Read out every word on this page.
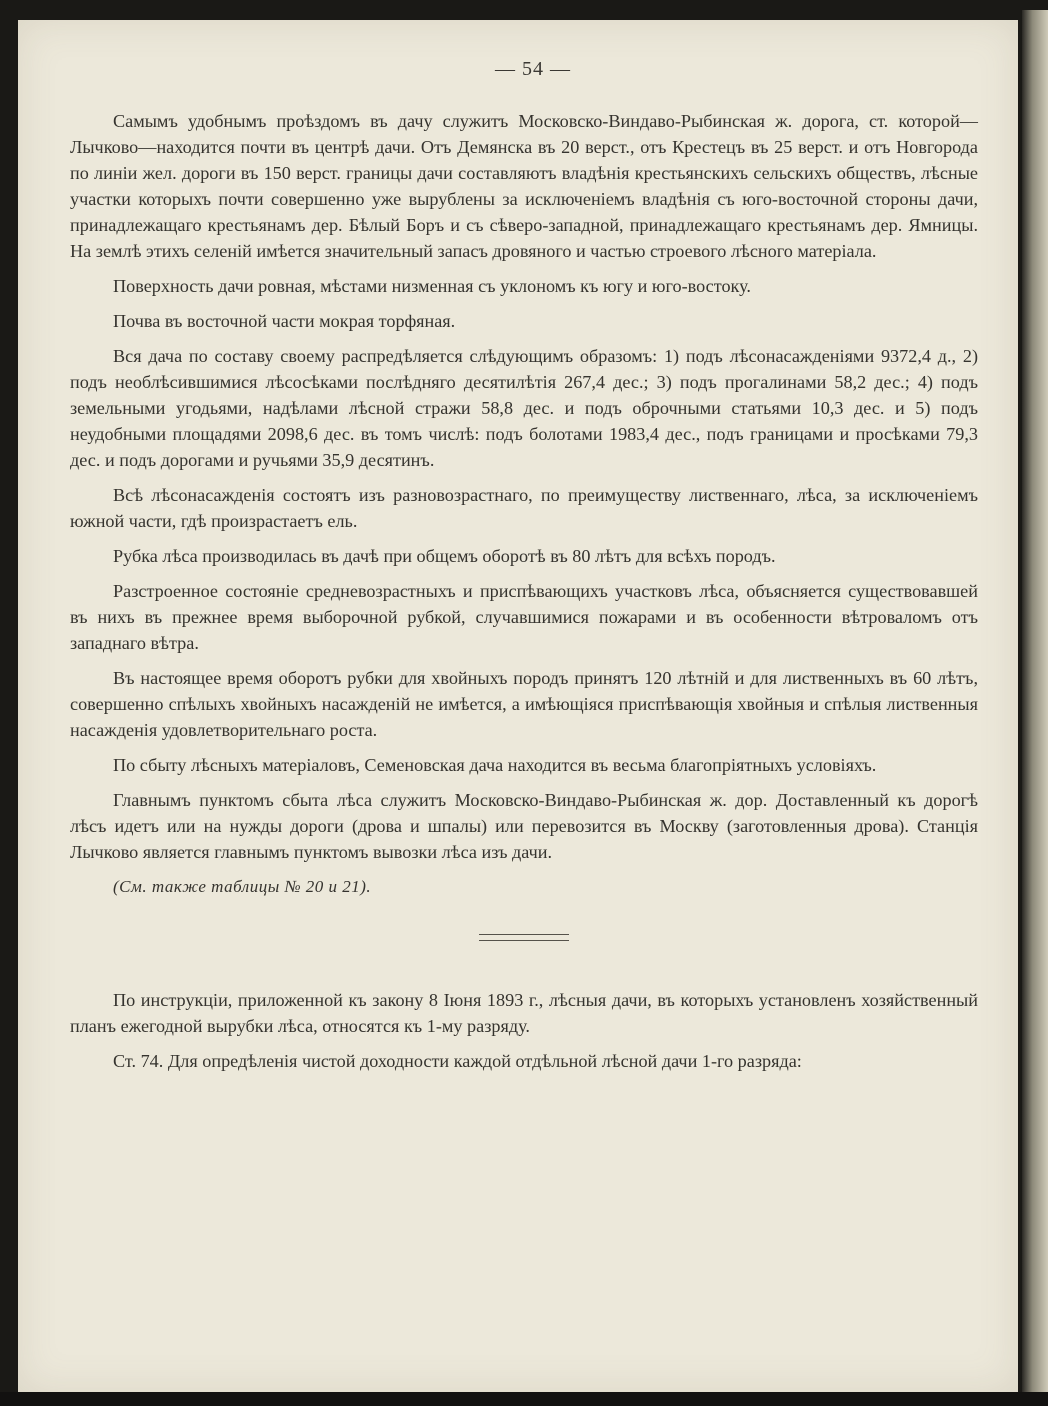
— 54 —

Самымъ удобнымъ проѣздомъ въ дачу служитъ Московско-Виндаво-Рыбинская ж. дорога, ст. которой—Лычково—находится почти въ центрѣ дачи. Отъ Демянска въ 20 верст., отъ Крестецъ въ 25 верст. и отъ Новгорода по линіи жел. дороги въ 150 верст. границы дачи составляютъ владѣнія крестьянскихъ сельскихъ обществъ, лѣсные участки которыхъ почти совершенно уже вырублены за исключеніемъ владѣнія съ юго-восточной стороны дачи, принадлежащаго крестьянамъ дер. Бѣлый Боръ и съ сѣверо-западной, принадлежащаго крестьянамъ дер. Ямницы. На землѣ этихъ селеній имѣется значительный запасъ дровяного и частью строевого лѣсного матеріала.

Поверхность дачи ровная, мѣстами низменная съ уклономъ къ югу и юго-востоку.

Почва въ восточной части мокрая торфяная.

Вся дача по составу своему распредѣляется слѣдующимъ образомъ: 1) подъ лѣсонасажденіями 9372,4 д., 2) подъ необлѣсившимися лѣсосѣками послѣдняго десятилѣтія 267,4 дес.; 3) подъ прогалинами 58,2 дес.; 4) подъ земельными угодьями, надѣлами лѣсной стражи 58,8 дес. и подъ оброчными статьями 10,3 дес. и 5) подъ неудобными площадями 2098,6 дес. въ томъ числѣ: подъ болотами 1983,4 дес., подъ границами и просѣками 79,3 дес. и подъ дорогами и ручьями 35,9 десятинъ.

Всѣ лѣсонасажденія состоятъ изъ разновозрастнаго, по преимуществу лиственнаго, лѣса, за исключеніемъ южной части, гдѣ произрастаетъ ель.

Рубка лѣса производилась въ дачѣ при общемъ оборотѣ въ 80 лѣтъ для всѣхъ породъ.

Разстроенное состояніе средневозрастныхъ и приспѣвающихъ участковъ лѣса, объясняется существовавшей въ нихъ въ прежнее время выборочной рубкой, случавшимися пожарами и въ особенности вѣтроваломъ отъ западнаго вѣтра.

Въ настоящее время оборотъ рубки для хвойныхъ породъ принятъ 120 лѣтній и для лиственныхъ въ 60 лѣтъ, совершенно спѣлыхъ хвойныхъ насажденій не имѣется, а имѣющіяся приспѣвающія хвойныя и спѣлыя лиственныя насажденія удовлетворительнаго роста.

По сбыту лѣсныхъ матеріаловъ, Семеновская дача находится въ весьма благопріятныхъ условіяхъ.

Главнымъ пунктомъ сбыта лѣса служитъ Московско-Виндаво-Рыбинская ж. дор. Доставленный къ дорогѣ лѣсъ идетъ или на нужды дороги (дрова и шпалы) или перевозится въ Москву (заготовленныя дрова). Станція Лычково является главнымъ пунктомъ вывозки лѣса изъ дачи.

(См. также таблицы № 20 и 21).

По инструкціи, приложенной къ закону 8 Іюня 1893 г., лѣсныя дачи, въ которыхъ установленъ хозяйственный планъ ежегодной вырубки лѣса, относятся къ 1-му разряду.

Ст. 74. Для опредѣленія чистой доходности каждой отдѣльной лѣсной дачи 1-го разряда:
